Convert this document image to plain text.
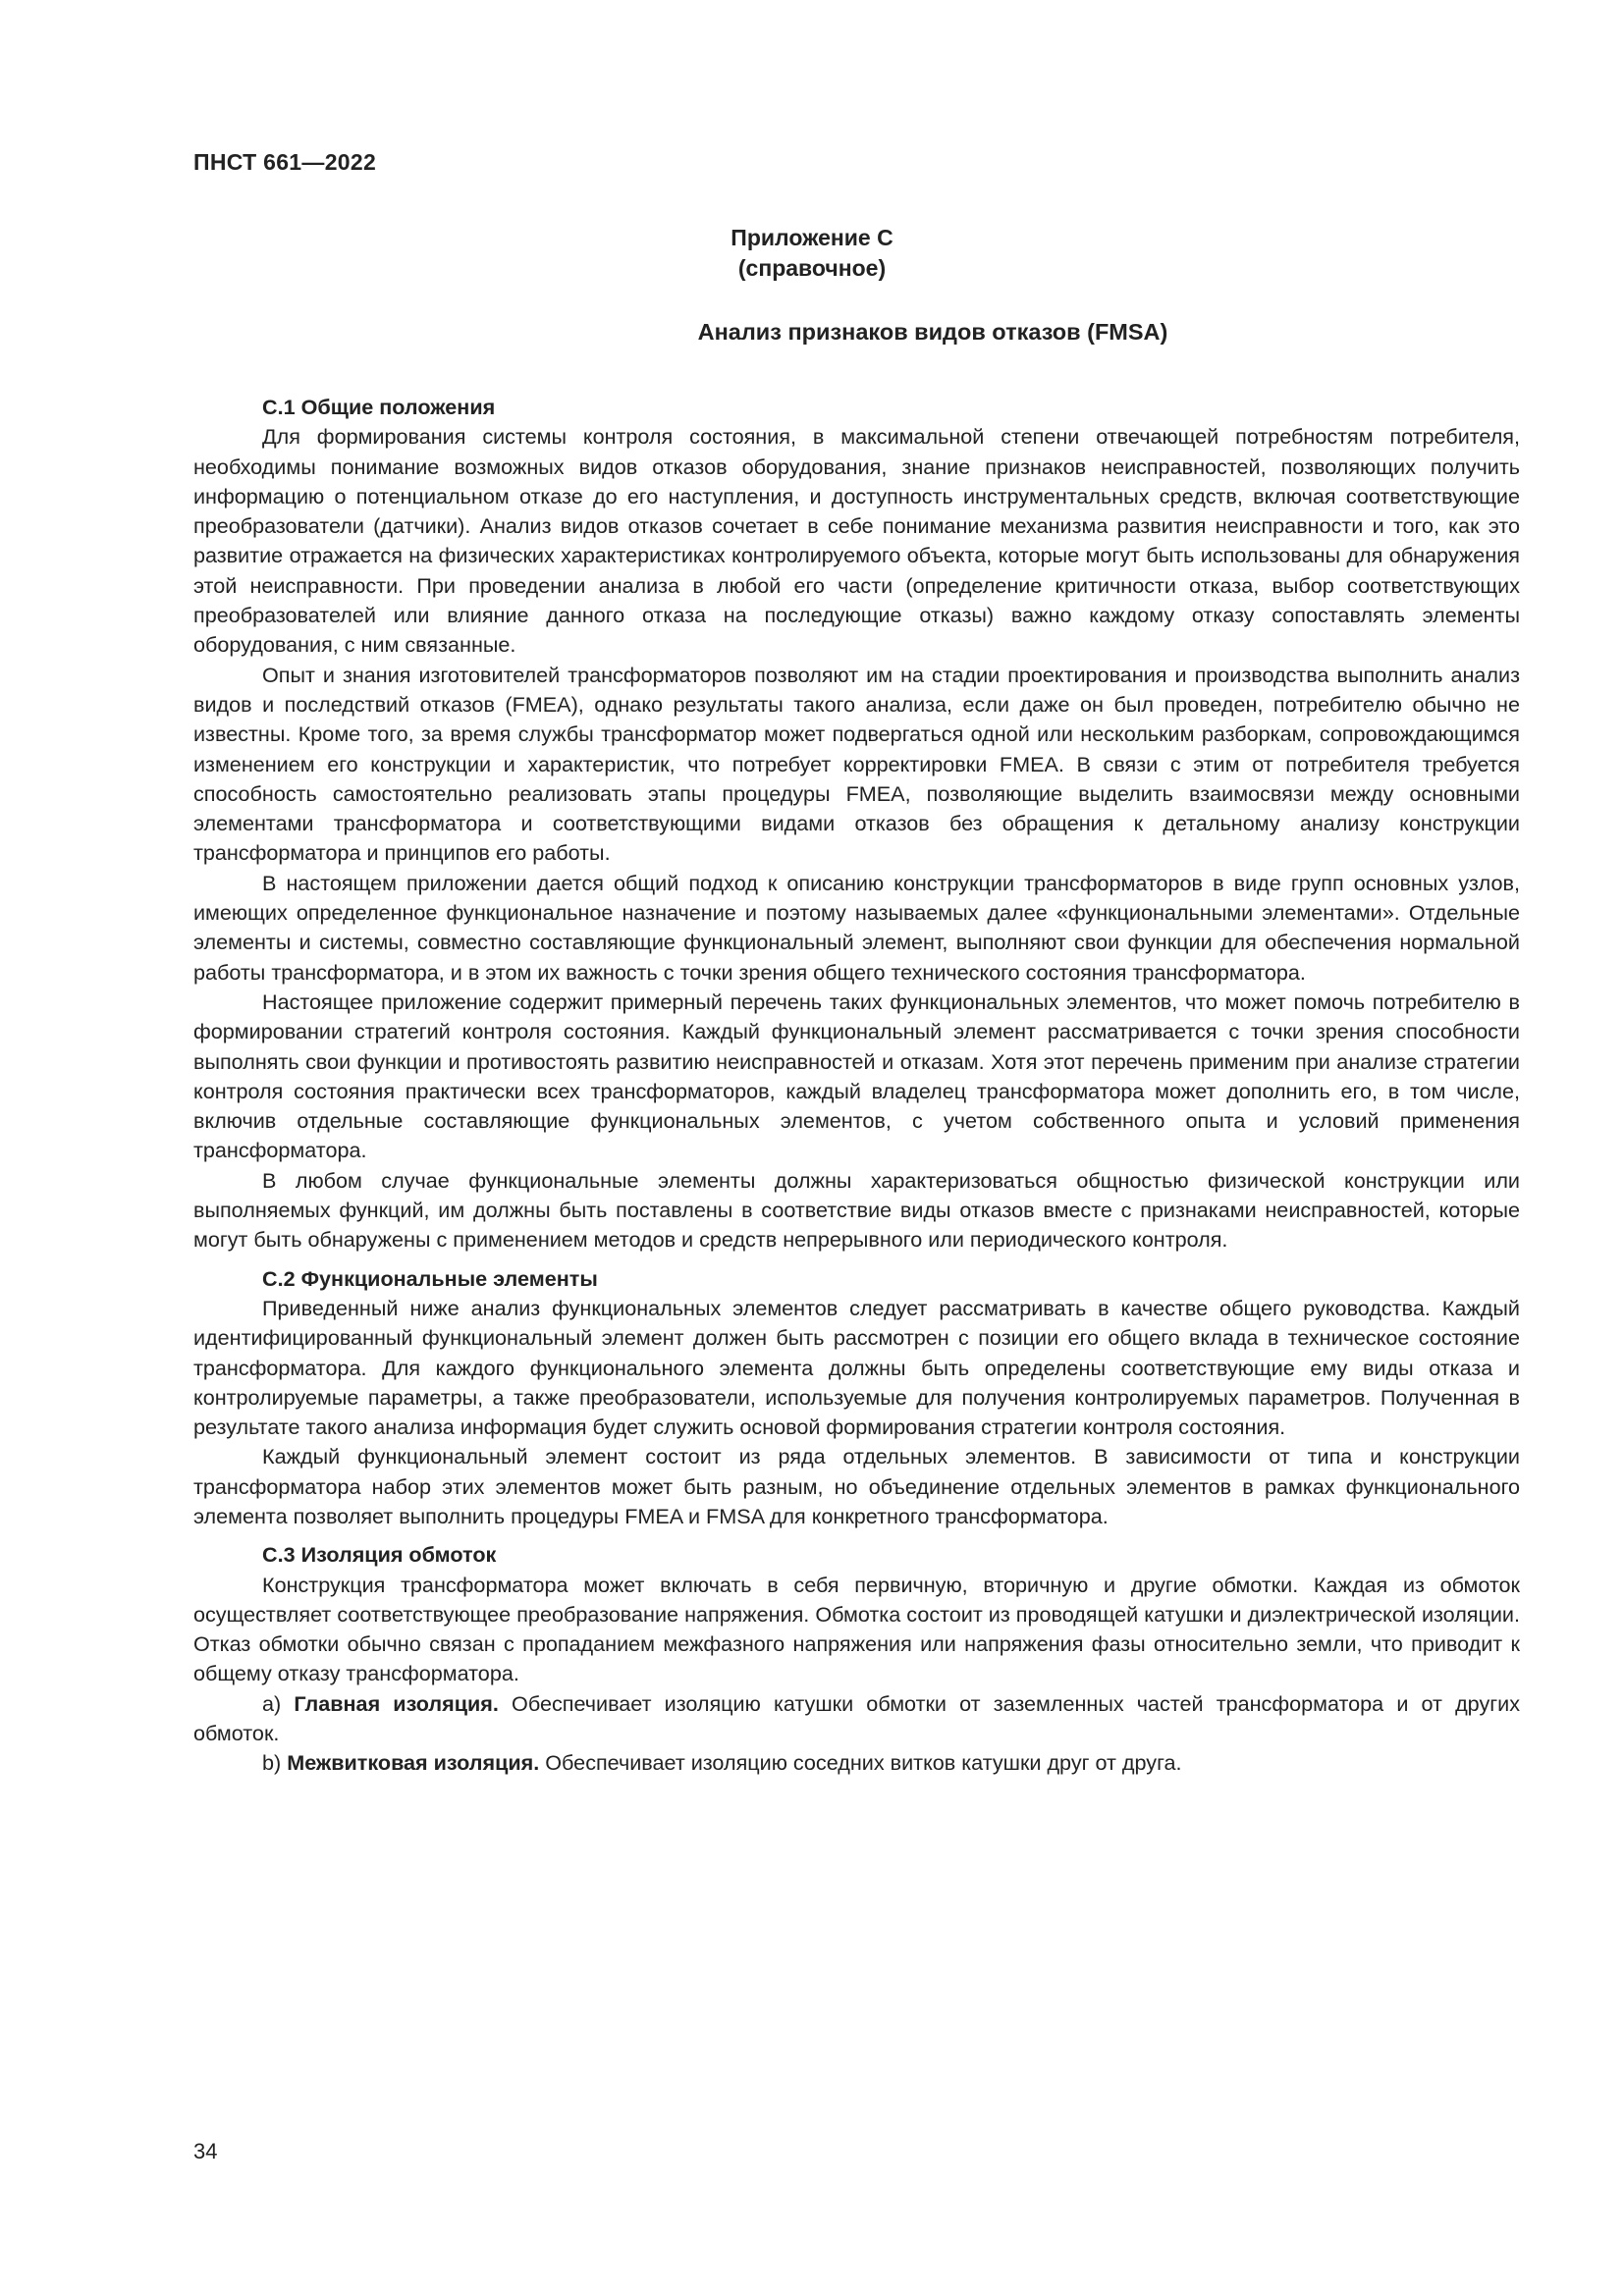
ПНСТ 661—2022
Приложение С
(справочное)
Анализ признаков видов отказов (FMSA)
С.1 Общие положения

Для формирования системы контроля состояния, в максимальной степени отвечающей потребностям потребителя, необходимы понимание возможных видов отказов оборудования, знание признаков неисправностей, позволяющих получить информацию о потенциальном отказе до его наступления, и доступность инструментальных средств, включая соответствующие преобразователи (датчики). Анализ видов отказов сочетает в себе понимание механизма развития неисправности и того, как это развитие отражается на физических характеристиках контролируемого объекта, которые могут быть использованы для обнаружения этой неисправности. При проведении анализа в любой его части (определение критичности отказа, выбор соответствующих преобразователей или влияние данного отказа на последующие отказы) важно каждому отказу сопоставлять элементы оборудования, с ним связанные.

Опыт и знания изготовителей трансформаторов позволяют им на стадии проектирования и производства выполнить анализ видов и последствий отказов (FMEA), однако результаты такого анализа, если даже он был проведен, потребителю обычно не известны. Кроме того, за время службы трансформатор может подвергаться одной или нескольким разборкам, сопровождающимся изменением его конструкции и характеристик, что потребует корректировки FMEA. В связи с этим от потребителя требуется способность самостоятельно реализовать этапы процедуры FMEA, позволяющие выделить взаимосвязи между основными элементами трансформатора и соответствующими видами отказов без обращения к детальному анализу конструкции трансформатора и принципов его работы.

В настоящем приложении дается общий подход к описанию конструкции трансформаторов в виде групп основных узлов, имеющих определенное функциональное назначение и поэтому называемых далее «функциональными элементами». Отдельные элементы и системы, совместно составляющие функциональный элемент, выполняют свои функции для обеспечения нормальной работы трансформатора, и в этом их важность с точки зрения общего технического состояния трансформатора.

Настоящее приложение содержит примерный перечень таких функциональных элементов, что может помочь потребителю в формировании стратегий контроля состояния. Каждый функциональный элемент рассматривается с точки зрения способности выполнять свои функции и противостоять развитию неисправностей и отказам. Хотя этот перечень применим при анализе стратегии контроля состояния практически всех трансформаторов, каждый владелец трансформатора может дополнить его, в том числе, включив отдельные составляющие функциональных элементов, с учетом собственного опыта и условий применения трансформатора.

В любом случае функциональные элементы должны характеризоваться общностью физической конструкции или выполняемых функций, им должны быть поставлены в соответствие виды отказов вместе с признаками неисправностей, которые могут быть обнаружены с применением методов и средств непрерывного или периодического контроля.

С.2 Функциональные элементы

Приведенный ниже анализ функциональных элементов следует рассматривать в качестве общего руководства. Каждый идентифицированный функциональный элемент должен быть рассмотрен с позиции его общего вклада в техническое состояние трансформатора. Для каждого функционального элемента должны быть определены соответствующие ему виды отказа и контролируемые параметры, а также преобразователи, используемые для получения контролируемых параметров. Полученная в результате такого анализа информация будет служить основой формирования стратегии контроля состояния.

Каждый функциональный элемент состоит из ряда отдельных элементов. В зависимости от типа и конструкции трансформатора набор этих элементов может быть разным, но объединение отдельных элементов в рамках функционального элемента позволяет выполнить процедуры FMEA и FMSA для конкретного трансформатора.

С.3 Изоляция обмоток

Конструкция трансформатора может включать в себя первичную, вторичную и другие обмотки. Каждая из обмоток осуществляет соответствующее преобразование напряжения. Обмотка состоит из проводящей катушки и диэлектрической изоляции. Отказ обмотки обычно связан с пропаданием межфазного напряжения или напряжения фазы относительно земли, что приводит к общему отказу трансформатора.

a) Главная изоляция. Обеспечивает изоляцию катушки обмотки от заземленных частей трансформатора и от других обмоток.

b) Межвитковая изоляция. Обеспечивает изоляцию соседних витков катушки друг от друга.

34
